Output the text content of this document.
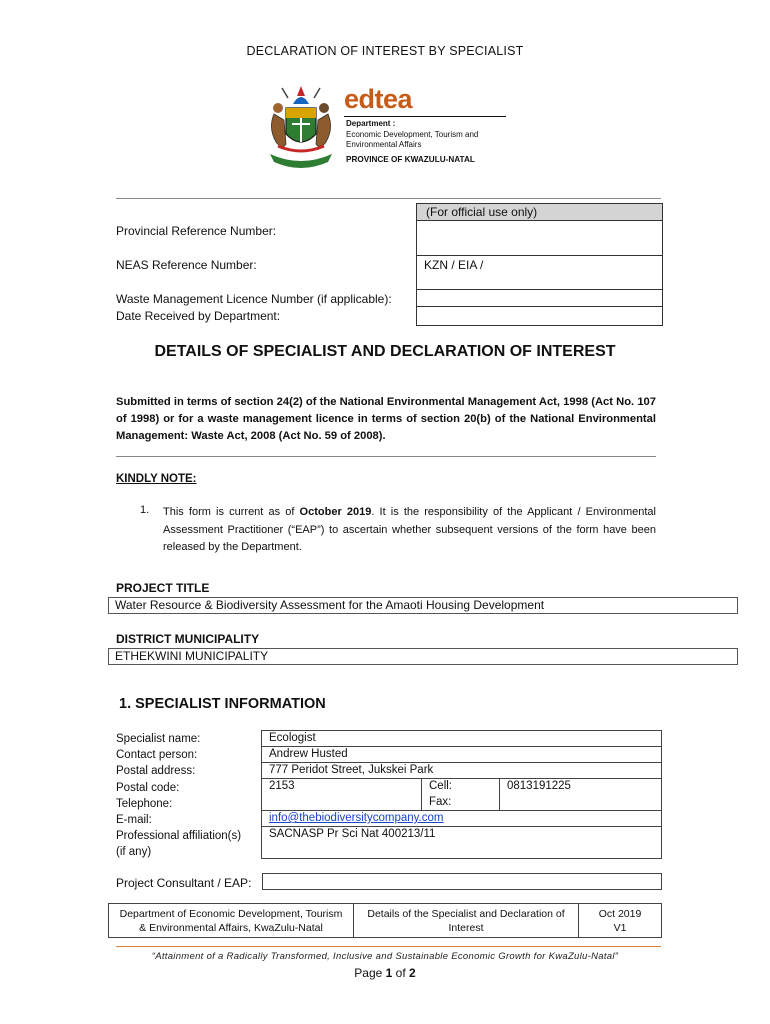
DECLARATION OF INTEREST BY SPECIALIST
edtea
Department :
Economic Development, Tourism and Environmental Affairs
PROVINCE OF KWAZULU-NATAL
Provincial Reference Number:
NEAS Reference Number:
Waste Management Licence Number (if applicable):
Date Received by Department:
(For official use only)
KZN / EIA /
DETAILS OF SPECIALIST AND DECLARATION OF INTEREST
Submitted in terms of section 24(2) of the National Environmental Management Act, 1998 (Act No. 107 of 1998) or for a waste management licence in terms of section 20(b) of the National Environmental Management: Waste Act, 2008 (Act No. 59 of 2008).
KINDLY NOTE:
1. This form is current as of October 2019. It is the responsibility of the Applicant / Environmental Assessment Practitioner (“EAP”) to ascertain whether subsequent versions of the form have been released by the Department.
PROJECT TITLE
Water Resource & Biodiversity Assessment for the Amaoti Housing Development
DISTRICT MUNICIPALITY
ETHEKWINI MUNICIPALITY
1. SPECIALIST INFORMATION
Specialist name:
Contact person:
Postal address:
Postal code:
Telephone:
E-mail:
Professional affiliation(s)
(if any)
Ecologist
Andrew Husted
777 Peridot Street, Jukskei Park
2153	Cell:
Fax:
0813191225
info@thebiodiversitycompany.com
SACNASP Pr Sci Nat 400213/11
Project Consultant / EAP:
Department of Economic Development, Tourism & Environmental Affairs, KwaZulu-Natal
Details of the Specialist and Declaration of Interest
Oct 2019
V1
“Attainment of a Radically Transformed, Inclusive and Sustainable Economic Growth for KwaZulu-Natal”
Page 1 of 2
